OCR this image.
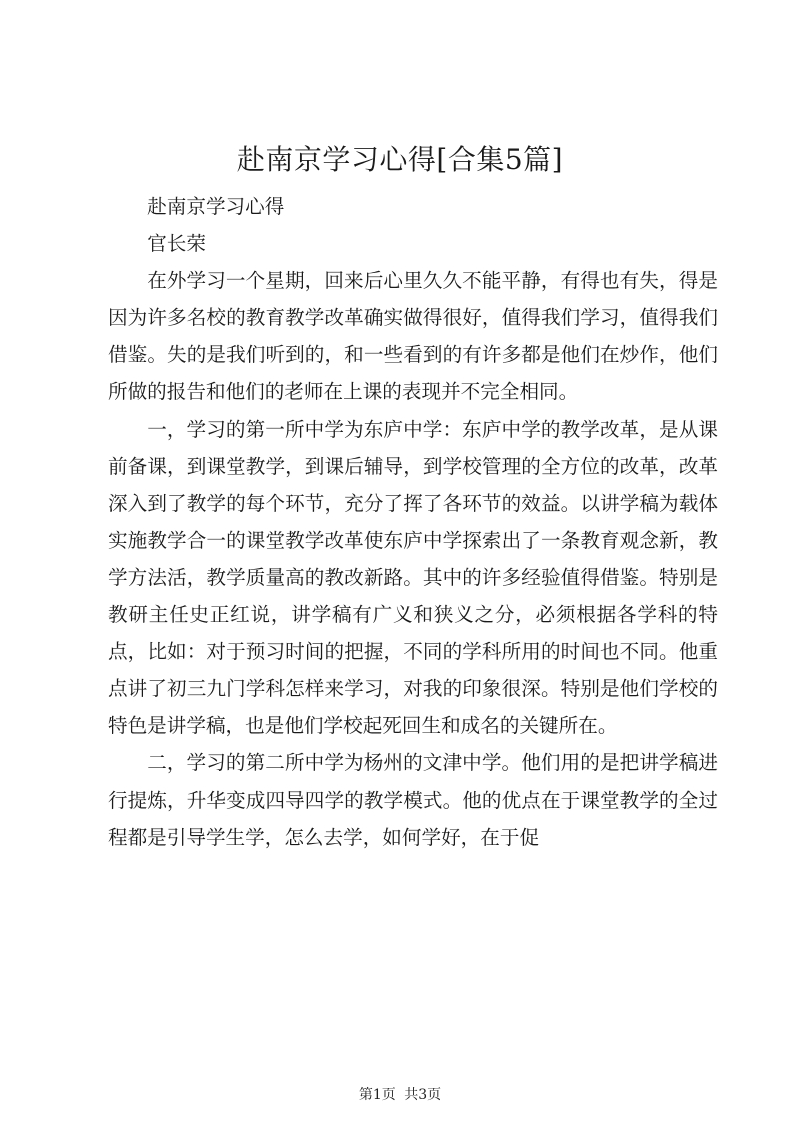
赴南京学习心得[合集5篇]

赴南京学习心得

官长荣

在外学习一个星期，回来后心里久久不能平静，有得也有失，得是因为许多名校的教育教学改革确实做得很好，值得我们学习，值得我们借鉴。失的是我们听到的，和一些看到的有许多都是他们在炒作，他们所做的报告和他们的老师在上课的表现并不完全相同。

一，学习的第一所中学为东庐中学：东庐中学的教学改革，是从课前备课，到课堂教学，到课后辅导，到学校管理的全方位的改革，改革深入到了教学的每个环节，充分了挥了各环节的效益。以讲学稿为载体实施教学合一的课堂教学改革使东庐中学探索出了一条教育观念新，教学方法活，教学质量高的教改新路。其中的许多经验值得借鉴。特别是教研主任史正红说，讲学稿有广义和狭义之分，必须根据各学科的特点，比如：对于预习时间的把握，不同的学科所用的时间也不同。他重点讲了初三九门学科怎样来学习，对我的印象很深。特别是他们学校的特色是讲学稿，也是他们学校起死回生和成名的关键所在。

二，学习的第二所中学为杨州的文津中学。他们用的是把讲学稿进行提炼，升华变成四导四学的教学模式。他的优点在于课堂教学的全过程都是引导学生学，怎么去学，如何学好，在于促

第1页 共3页
